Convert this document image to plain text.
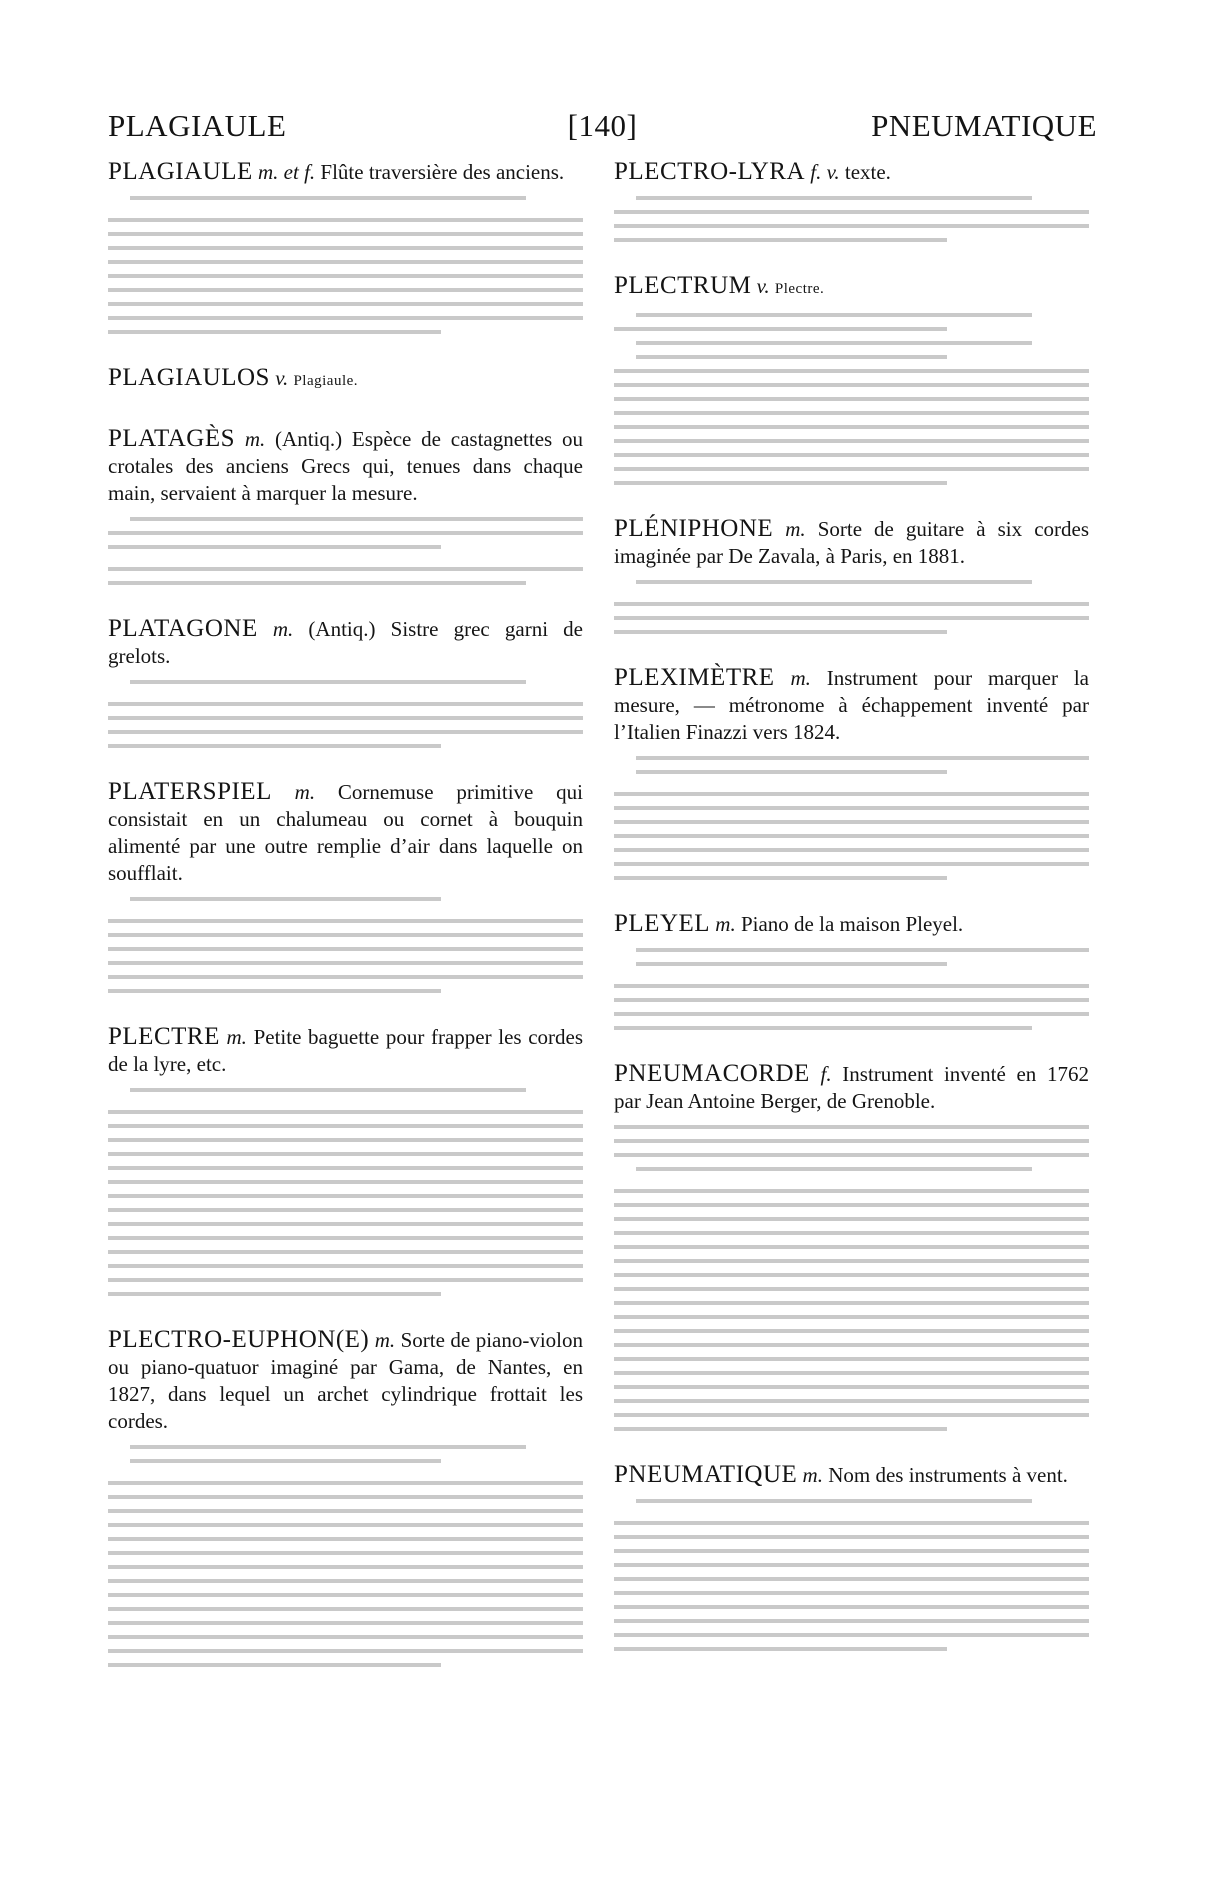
PLAGIAULE	[140]	PNEUMATIQUE

PLAGIAULE m. et f. Flûte traversière des anciens.

PLAGIAULOS v. Plagiaule.

PLATAGÈS m. (Antiq.) Espèce de castagnettes ou crotales des anciens Grecs qui, tenues dans chaque main, servaient à marquer la mesure.

PLATAGONE m. (Antiq.) Sistre grec garni de grelots.

PLATERSPIEL m. Cornemuse primitive qui consistait en un chalumeau ou cornet à bouquin alimenté par une outre remplie d’air dans laquelle on soufflait.

PLECTRE m. Petite baguette pour frapper les cordes de la lyre, etc.

PLECTRO-EUPHON(E) m. Sorte de piano-violon ou piano-quatuor imaginé par Gama, de Nantes, en 1827, dans lequel un archet cylindrique frottait les cordes.

PLECTRO-LYRA f. v. texte.

PLECTRUM v. Plectre.

PLÉNIPHONE m. Sorte de guitare à six cordes imaginée par De Zavala, à Paris, en 1881.

PLEXIMÈTRE m. Instrument pour marquer la mesure, — métronome à échappement inventé par l’Italien Finazzi vers 1824.

PLEYEL m. Piano de la maison Pleyel.

PNEUMACORDE f. Instrument inventé en 1762 par Jean Antoine Berger, de Grenoble.

PNEUMATIQUE m. Nom des instruments à vent.
